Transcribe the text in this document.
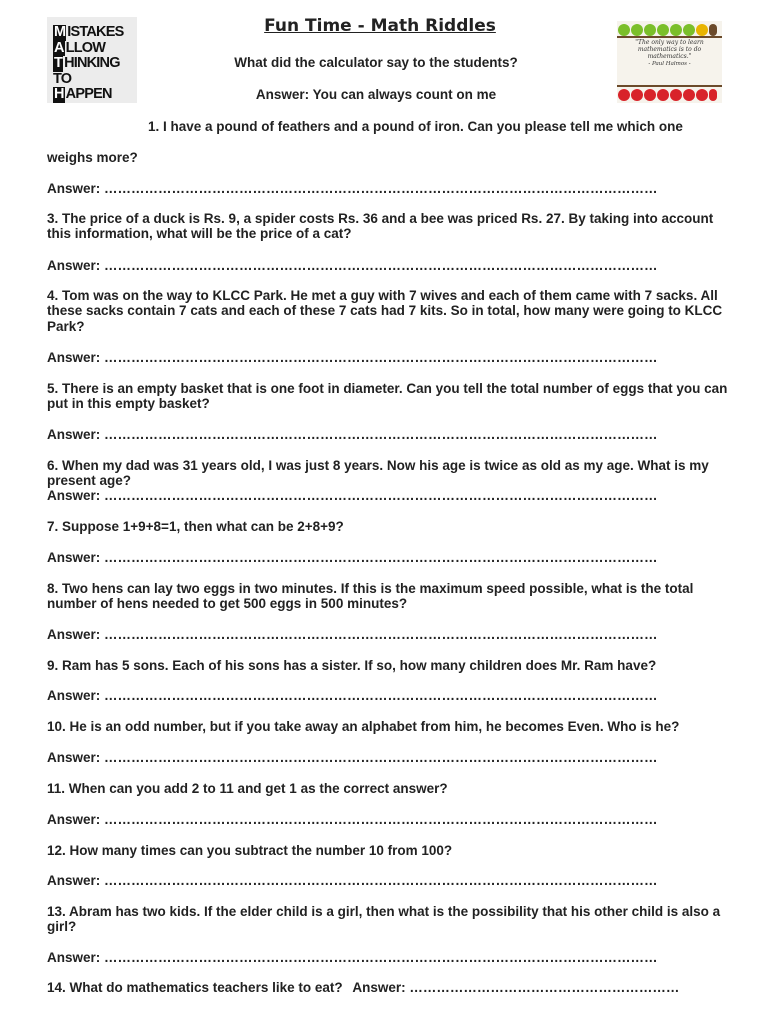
M ISTAKES
A LLOW
T HINKING TO
H APPEN
"The only way to learn mathematics is to do mathematics."
- Paul Halmos -
Fun Time - Math Riddles
What did the calculator say to the students?
Answer: You can always count on me
1. I have a pound of feathers and a pound of iron. Can you please tell me which one
weighs more?
Answer: ……………………………………………………………………………………………………………
3. The price of a duck is Rs. 9, a spider costs Rs. 36 and a bee was priced Rs. 27. By taking into account this information, what will be the price of a cat?
Answer: ……………………………………………………………………………………………………………
4. Tom was on the way to KLCC Park. He met a guy with 7 wives and each of them came with 7 sacks. All these sacks contain 7 cats and each of these 7 cats had 7 kits. So in total, how many were going to KLCC Park?
Answer: ……………………………………………………………………………………………………………
5. There is an empty basket that is one foot in diameter. Can you tell the total number of eggs that you can put in this empty basket?
Answer: ……………………………………………………………………………………………………………
6. When my dad was 31 years old, I was just 8 years. Now his age is twice as old as my age. What is my present age?
Answer: ……………………………………………………………………………………………………………
7. Suppose 1+9+8=1, then what can be 2+8+9?
Answer: ……………………………………………………………………………………………………………
8. Two hens can lay two eggs in two minutes. If this is the maximum speed possible, what is the total number of hens needed to get 500 eggs in 500 minutes?
Answer: ……………………………………………………………………………………………………………
9. Ram has 5 sons. Each of his sons has a sister. If so, how many children does Mr. Ram have?
Answer: ……………………………………………………………………………………………………………
10. He is an odd number, but if you take away an alphabet from him, he becomes Even. Who is he?
Answer: ……………………………………………………………………………………………………………
11. When can you add 2 to 11 and get 1 as the correct answer?
Answer: ……………………………………………………………………………………………………………
12. How many times can you subtract the number 10 from 100?
Answer: ……………………………………………………………………………………………………………
13. Abram has two kids. If the elder child is a girl, then what is the possibility that his other child is also a girl?
Answer: ……………………………………………………………………………………………………………
14. What do mathematics teachers like to eat? Answer: ……………………………………………………
